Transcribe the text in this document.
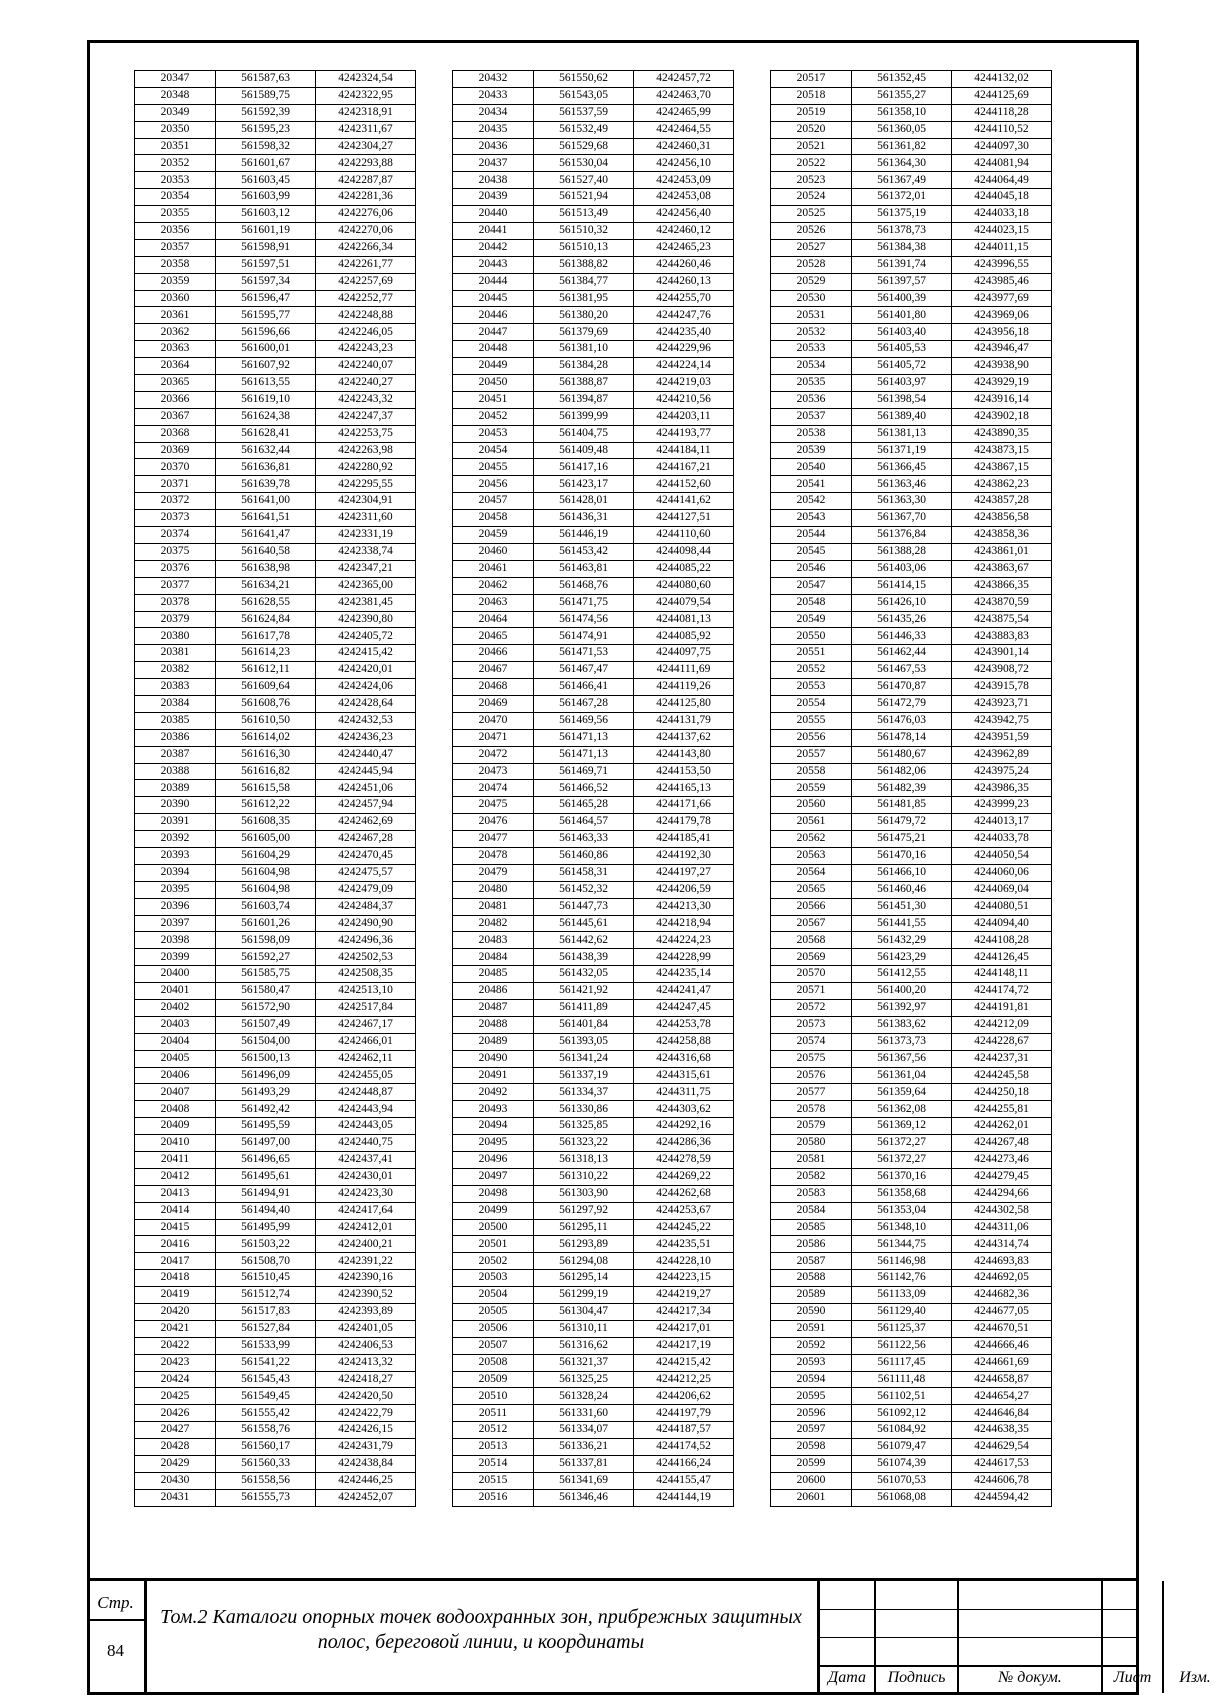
20347	561587,63	4242324,54
20348	561589,75	4242322,95
20349	561592,39	4242318,91
20350	561595,23	4242311,67
20351	561598,32	4242304,27
20352	561601,67	4242293,88
20353	561603,45	4242287,87
20354	561603,99	4242281,36
20355	561603,12	4242276,06
20356	561601,19	4242270,06
20357	561598,91	4242266,34
20358	561597,51	4242261,77
20359	561597,34	4242257,69
20360	561596,47	4242252,77
20361	561595,77	4242248,88
20362	561596,66	4242246,05
20363	561600,01	4242243,23
20364	561607,92	4242240,07
20365	561613,55	4242240,27
20366	561619,10	4242243,32
20367	561624,38	4242247,37
20368	561628,41	4242253,75
20369	561632,44	4242263,98
20370	561636,81	4242280,92
20371	561639,78	4242295,55
20372	561641,00	4242304,91
20373	561641,51	4242311,60
20374	561641,47	4242331,19
20375	561640,58	4242338,74
20376	561638,98	4242347,21
20377	561634,21	4242365,00
20378	561628,55	4242381,45
20379	561624,84	4242390,80
20380	561617,78	4242405,72
20381	561614,23	4242415,42
20382	561612,11	4242420,01
20383	561609,64	4242424,06
20384	561608,76	4242428,64
20385	561610,50	4242432,53
20386	561614,02	4242436,23
20387	561616,30	4242440,47
20388	561616,82	4242445,94
20389	561615,58	4242451,06
20390	561612,22	4242457,94
20391	561608,35	4242462,69
20392	561605,00	4242467,28
20393	561604,29	4242470,45
20394	561604,98	4242475,57
20395	561604,98	4242479,09
20396	561603,74	4242484,37
20397	561601,26	4242490,90
20398	561598,09	4242496,36
20399	561592,27	4242502,53
20400	561585,75	4242508,35
20401	561580,47	4242513,10
20402	561572,90	4242517,84
20403	561507,49	4242467,17
20404	561504,00	4242466,01
20405	561500,13	4242462,11
20406	561496,09	4242455,05
20407	561493,29	4242448,87
20408	561492,42	4242443,94
20409	561495,59	4242443,05
20410	561497,00	4242440,75
20411	561496,65	4242437,41
20412	561495,61	4242430,01
20413	561494,91	4242423,30
20414	561494,40	4242417,64
20415	561495,99	4242412,01
20416	561503,22	4242400,21
20417	561508,70	4242391,22
20418	561510,45	4242390,16
20419	561512,74	4242390,52
20420	561517,83	4242393,89
20421	561527,84	4242401,05
20422	561533,99	4242406,53
20423	561541,22	4242413,32
20424	561545,43	4242418,27
20425	561549,45	4242420,50
20426	561555,42	4242422,79
20427	561558,76	4242426,15
20428	561560,17	4242431,79
20429	561560,33	4242438,84
20430	561558,56	4242446,25
20431	561555,73	4242452,07
20432	561550,62	4242457,72
20433	561543,05	4242463,70
20434	561537,59	4242465,99
20435	561532,49	4242464,55
20436	561529,68	4242460,31
20437	561530,04	4242456,10
20438	561527,40	4242453,09
20439	561521,94	4242453,08
20440	561513,49	4242456,40
20441	561510,32	4242460,12
20442	561510,13	4242465,23
20443	561388,82	4244260,46
20444	561384,77	4244260,13
20445	561381,95	4244255,70
20446	561380,20	4244247,76
20447	561379,69	4244235,40
20448	561381,10	4244229,96
20449	561384,28	4244224,14
20450	561388,87	4244219,03
20451	561394,87	4244210,56
20452	561399,99	4244203,11
20453	561404,75	4244193,77
20454	561409,48	4244184,11
20455	561417,16	4244167,21
20456	561423,17	4244152,60
20457	561428,01	4244141,62
20458	561436,31	4244127,51
20459	561446,19	4244110,60
20460	561453,42	4244098,44
20461	561463,81	4244085,22
20462	561468,76	4244080,60
20463	561471,75	4244079,54
20464	561474,56	4244081,13
20465	561474,91	4244085,92
20466	561471,53	4244097,75
20467	561467,47	4244111,69
20468	561466,41	4244119,26
20469	561467,28	4244125,80
20470	561469,56	4244131,79
20471	561471,13	4244137,62
20472	561471,13	4244143,80
20473	561469,71	4244153,50
20474	561466,52	4244165,13
20475	561465,28	4244171,66
20476	561464,57	4244179,78
20477	561463,33	4244185,41
20478	561460,86	4244192,30
20479	561458,31	4244197,27
20480	561452,32	4244206,59
20481	561447,73	4244213,30
20482	561445,61	4244218,94
20483	561442,62	4244224,23
20484	561438,39	4244228,99
20485	561432,05	4244235,14
20486	561421,92	4244241,47
20487	561411,89	4244247,45
20488	561401,84	4244253,78
20489	561393,05	4244258,88
20490	561341,24	4244316,68
20491	561337,19	4244315,61
20492	561334,37	4244311,75
20493	561330,86	4244303,62
20494	561325,85	4244292,16
20495	561323,22	4244286,36
20496	561318,13	4244278,59
20497	561310,22	4244269,22
20498	561303,90	4244262,68
20499	561297,92	4244253,67
20500	561295,11	4244245,22
20501	561293,89	4244235,51
20502	561294,08	4244228,10
20503	561295,14	4244223,15
20504	561299,19	4244219,27
20505	561304,47	4244217,34
20506	561310,11	4244217,01
20507	561316,62	4244217,19
20508	561321,37	4244215,42
20509	561325,25	4244212,25
20510	561328,24	4244206,62
20511	561331,60	4244197,79
20512	561334,07	4244187,57
20513	561336,21	4244174,52
20514	561337,81	4244166,24
20515	561341,69	4244155,47
20516	561346,46	4244144,19
20517	561352,45	4244132,02
20518	561355,27	4244125,69
20519	561358,10	4244118,28
20520	561360,05	4244110,52
20521	561361,82	4244097,30
20522	561364,30	4244081,94
20523	561367,49	4244064,49
20524	561372,01	4244045,18
20525	561375,19	4244033,18
20526	561378,73	4244023,15
20527	561384,38	4244011,15
20528	561391,74	4243996,55
20529	561397,57	4243985,46
20530	561400,39	4243977,69
20531	561401,80	4243969,06
20532	561403,40	4243956,18
20533	561405,53	4243946,47
20534	561405,72	4243938,90
20535	561403,97	4243929,19
20536	561398,54	4243916,14
20537	561389,40	4243902,18
20538	561381,13	4243890,35
20539	561371,19	4243873,15
20540	561366,45	4243867,15
20541	561363,46	4243862,23
20542	561363,30	4243857,28
20543	561367,70	4243856,58
20544	561376,84	4243858,36
20545	561388,28	4243861,01
20546	561403,06	4243863,67
20547	561414,15	4243866,35
20548	561426,10	4243870,59
20549	561435,26	4243875,54
20550	561446,33	4243883,83
20551	561462,44	4243901,14
20552	561467,53	4243908,72
20553	561470,87	4243915,78
20554	561472,79	4243923,71
20555	561476,03	4243942,75
20556	561478,14	4243951,59
20557	561480,67	4243962,89
20558	561482,06	4243975,24
20559	561482,39	4243986,35
20560	561481,85	4243999,23
20561	561479,72	4244013,17
20562	561475,21	4244033,78
20563	561470,16	4244050,54
20564	561466,10	4244060,06
20565	561460,46	4244069,04
20566	561451,30	4244080,51
20567	561441,55	4244094,40
20568	561432,29	4244108,28
20569	561423,29	4244126,45
20570	561412,55	4244148,11
20571	561400,20	4244174,72
20572	561392,97	4244191,81
20573	561383,62	4244212,09
20574	561373,73	4244228,67
20575	561367,56	4244237,31
20576	561361,04	4244245,58
20577	561359,64	4244250,18
20578	561362,08	4244255,81
20579	561369,12	4244262,01
20580	561372,27	4244267,48
20581	561372,27	4244273,46
20582	561370,16	4244279,45
20583	561358,68	4244294,66
20584	561353,04	4244302,58
20585	561348,10	4244311,06
20586	561344,75	4244314,74
20587	561146,98	4244693,83
20588	561142,76	4244692,05
20589	561133,09	4244682,36
20590	561129,40	4244677,05
20591	561125,37	4244670,51
20592	561122,56	4244666,46
20593	561117,45	4244661,69
20594	561111,48	4244658,87
20595	561102,51	4244654,27
20596	561092,12	4244646,84
20597	561084,92	4244638,35
20598	561079,47	4244629,54
20599	561074,39	4244617,53
20600	561070,53	4244606,78
20601	561068,08	4244594,42
Стр.
84
Том.2 Каталоги опорных точек водоохранных зон, прибрежных защитных полос, береговой линии, и координаты
Дата	Подпись	№ докум.	Лист	Изм.
